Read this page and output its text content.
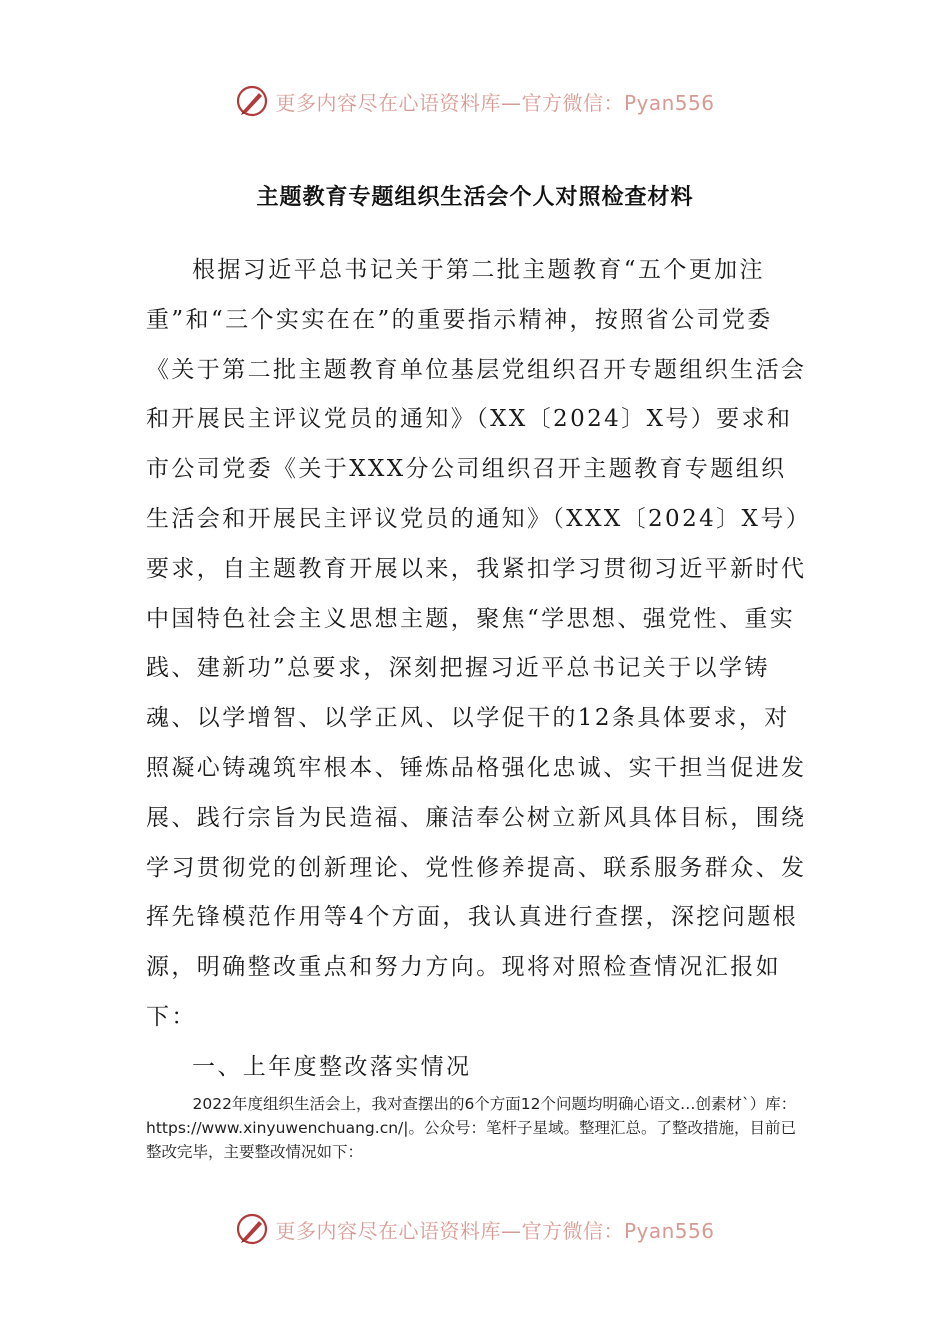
更多内容尽在心语资料库—官方微信：Pyan556
主题教育专题组织生活会个人对照检查材料

根据习近平总书记关于第二批主题教育“五个更加注重”和“三个实实在在”的重要指示精神，按照省公司党委《关于第二批主题教育单位基层党组织召开专题组织生活会和开展民主评议党员的通知》（XX〔2024〕X号）要求和市公司党委《关于XXX分公司组织召开主题教育专题组织生活会和开展民主评议党员的通知》（XXX〔2024〕X号）要求，自主题教育开展以来，我紧扣学习贯彻习近平新时代中国特色社会主义思想主题，聚焦“学思想、强党性、重实践、建新功”总要求，深刻把握习近平总书记关于以学铸魂、以学增智、以学正风、以学促干的12条具体要求，对照凝心铸魂筑牢根本、锤炼品格强化忠诚、实干担当促进发展、践行宗旨为民造福、廉洁奉公树立新风具体目标，围绕学习贯彻党的创新理论、党性修养提高、联系服务群众、发挥先锋模范作用等4个方面，我认真进行查摆，深挖问题根源，明确整改重点和努力方向。现将对照检查情况汇报如下：

一、上年度整改落实情况

2022年度组织生活会上，我对查摆出的6个方面12个问题均明确心语文…创素材`）库：https://www.xinyuwenchuang.cn/|。公众号：笔杆子星域。整理汇总。了整改措施，目前已整改完毕，主要整改情况如下：

更多内容尽在心语资料库—官方微信：Pyan556
